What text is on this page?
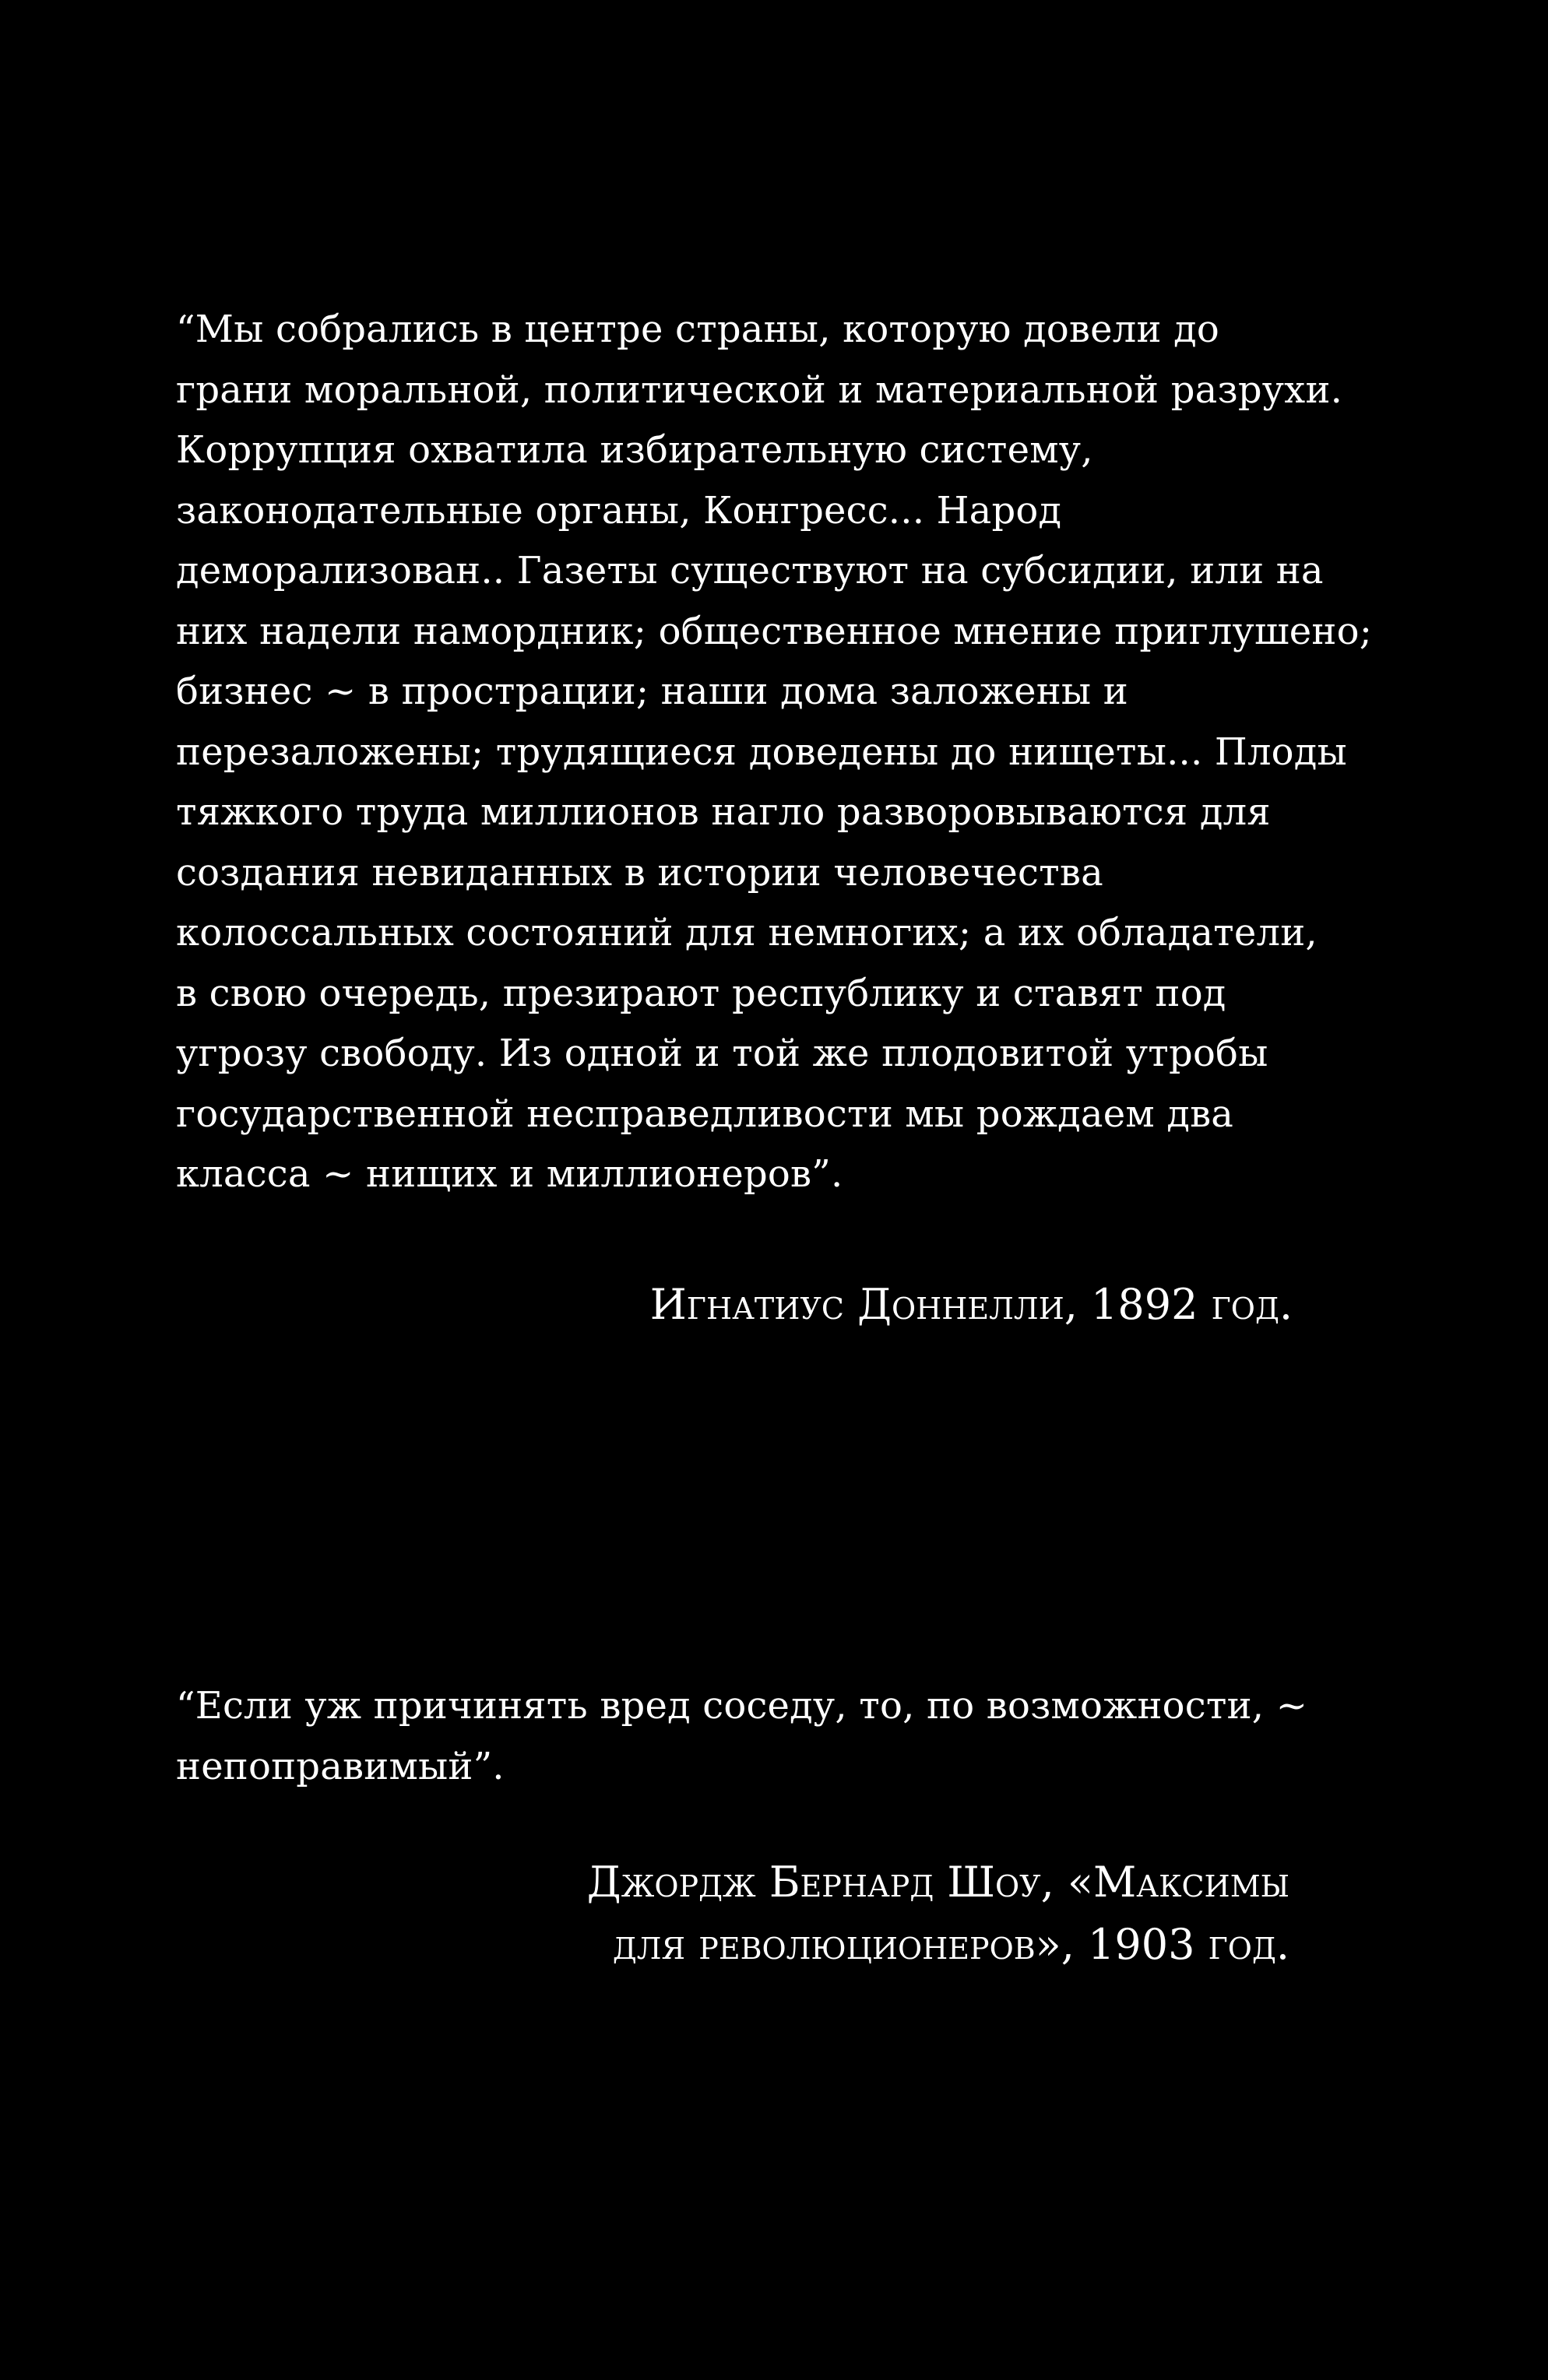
“Мы собрались в центре страны, которую довели до
грани моральной, политической и материальной разрухи.
Коррупция охватила избирательную систему,
законодательные органы, Конгресс... Народ
деморализован.. Газеты существуют на субсидии, или на
них надели намордник; общественное мнение приглушено;
бизнес ~ в прострации; наши дома заложены и
перезаложены; трудящиеся доведены до нищеты... Плоды
тяжкого труда миллионов нагло разворовываются для
создания невиданных в истории человечества
колоссальных состояний для немногих; а их обладатели,
в свою очередь, презирают республику и ставят под
угрозу свободу. Из одной и той же плодовитой утробы
государственной несправедливости мы рождаем два
класса ~ нищих и миллионеров”.

Игнатиус Доннелли, 1892 год.

“Если уж причинять вред соседу, то, по возможности, ~
непоправимый”.
Джордж Бернард Шоу, «Максимы
для революционеров», 1903 год.
